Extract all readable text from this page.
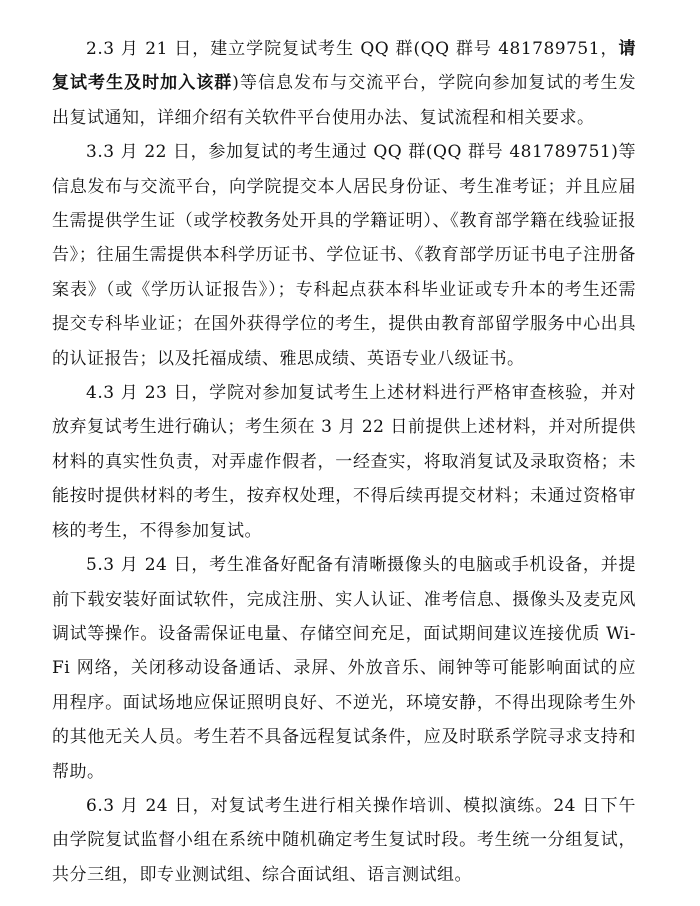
2.3 月 21 日，建立学院复试考生 QQ 群(QQ 群号 481789751，请复试考生及时加入该群)等信息发布与交流平台，学院向参加复试的考生发出复试通知，详细介绍有关软件平台使用办法、复试流程和相关要求。

3.3 月 22 日，参加复试的考生通过 QQ 群(QQ 群号 481789751)等信息发布与交流平台，向学院提交本人居民身份证、考生准考证；并且应届生需提供学生证（或学校教务处开具的学籍证明）、《教育部学籍在线验证报告》；往届生需提供本科学历证书、学位证书、《教育部学历证书电子注册备案表》（或《学历认证报告》）；专科起点获本科毕业证或专升本的考生还需提交专科毕业证；在国外获得学位的考生，提供由教育部留学服务中心出具的认证报告；以及托福成绩、雅思成绩、英语专业八级证书。

4.3 月 23 日，学院对参加复试考生上述材料进行严格审查核验，并对放弃复试考生进行确认；考生须在 3 月 22 日前提供上述材料，并对所提供材料的真实性负责，对弄虚作假者，一经查实，将取消复试及录取资格；未能按时提供材料的考生，按弃权处理，不得后续再提交材料；未通过资格审核的考生，不得参加复试。

5.3 月 24 日，考生准备好配备有清晰摄像头的电脑或手机设备，并提前下载安装好面试软件，完成注册、实人认证、准考信息、摄像头及麦克风调试等操作。设备需保证电量、存储空间充足，面试期间建议连接优质 Wi-Fi 网络，关闭移动设备通话、录屏、外放音乐、闹钟等可能影响面试的应用程序。面试场地应保证照明良好、不逆光，环境安静，不得出现除考生外的其他无关人员。考生若不具备远程复试条件，应及时联系学院寻求支持和帮助。

6.3 月 24 日，对复试考生进行相关操作培训、模拟演练。24 日下午由学院复试监督小组在系统中随机确定考生复试时段。考生统一分组复试，共分三组，即专业测试组、综合面试组、语言测试组。
